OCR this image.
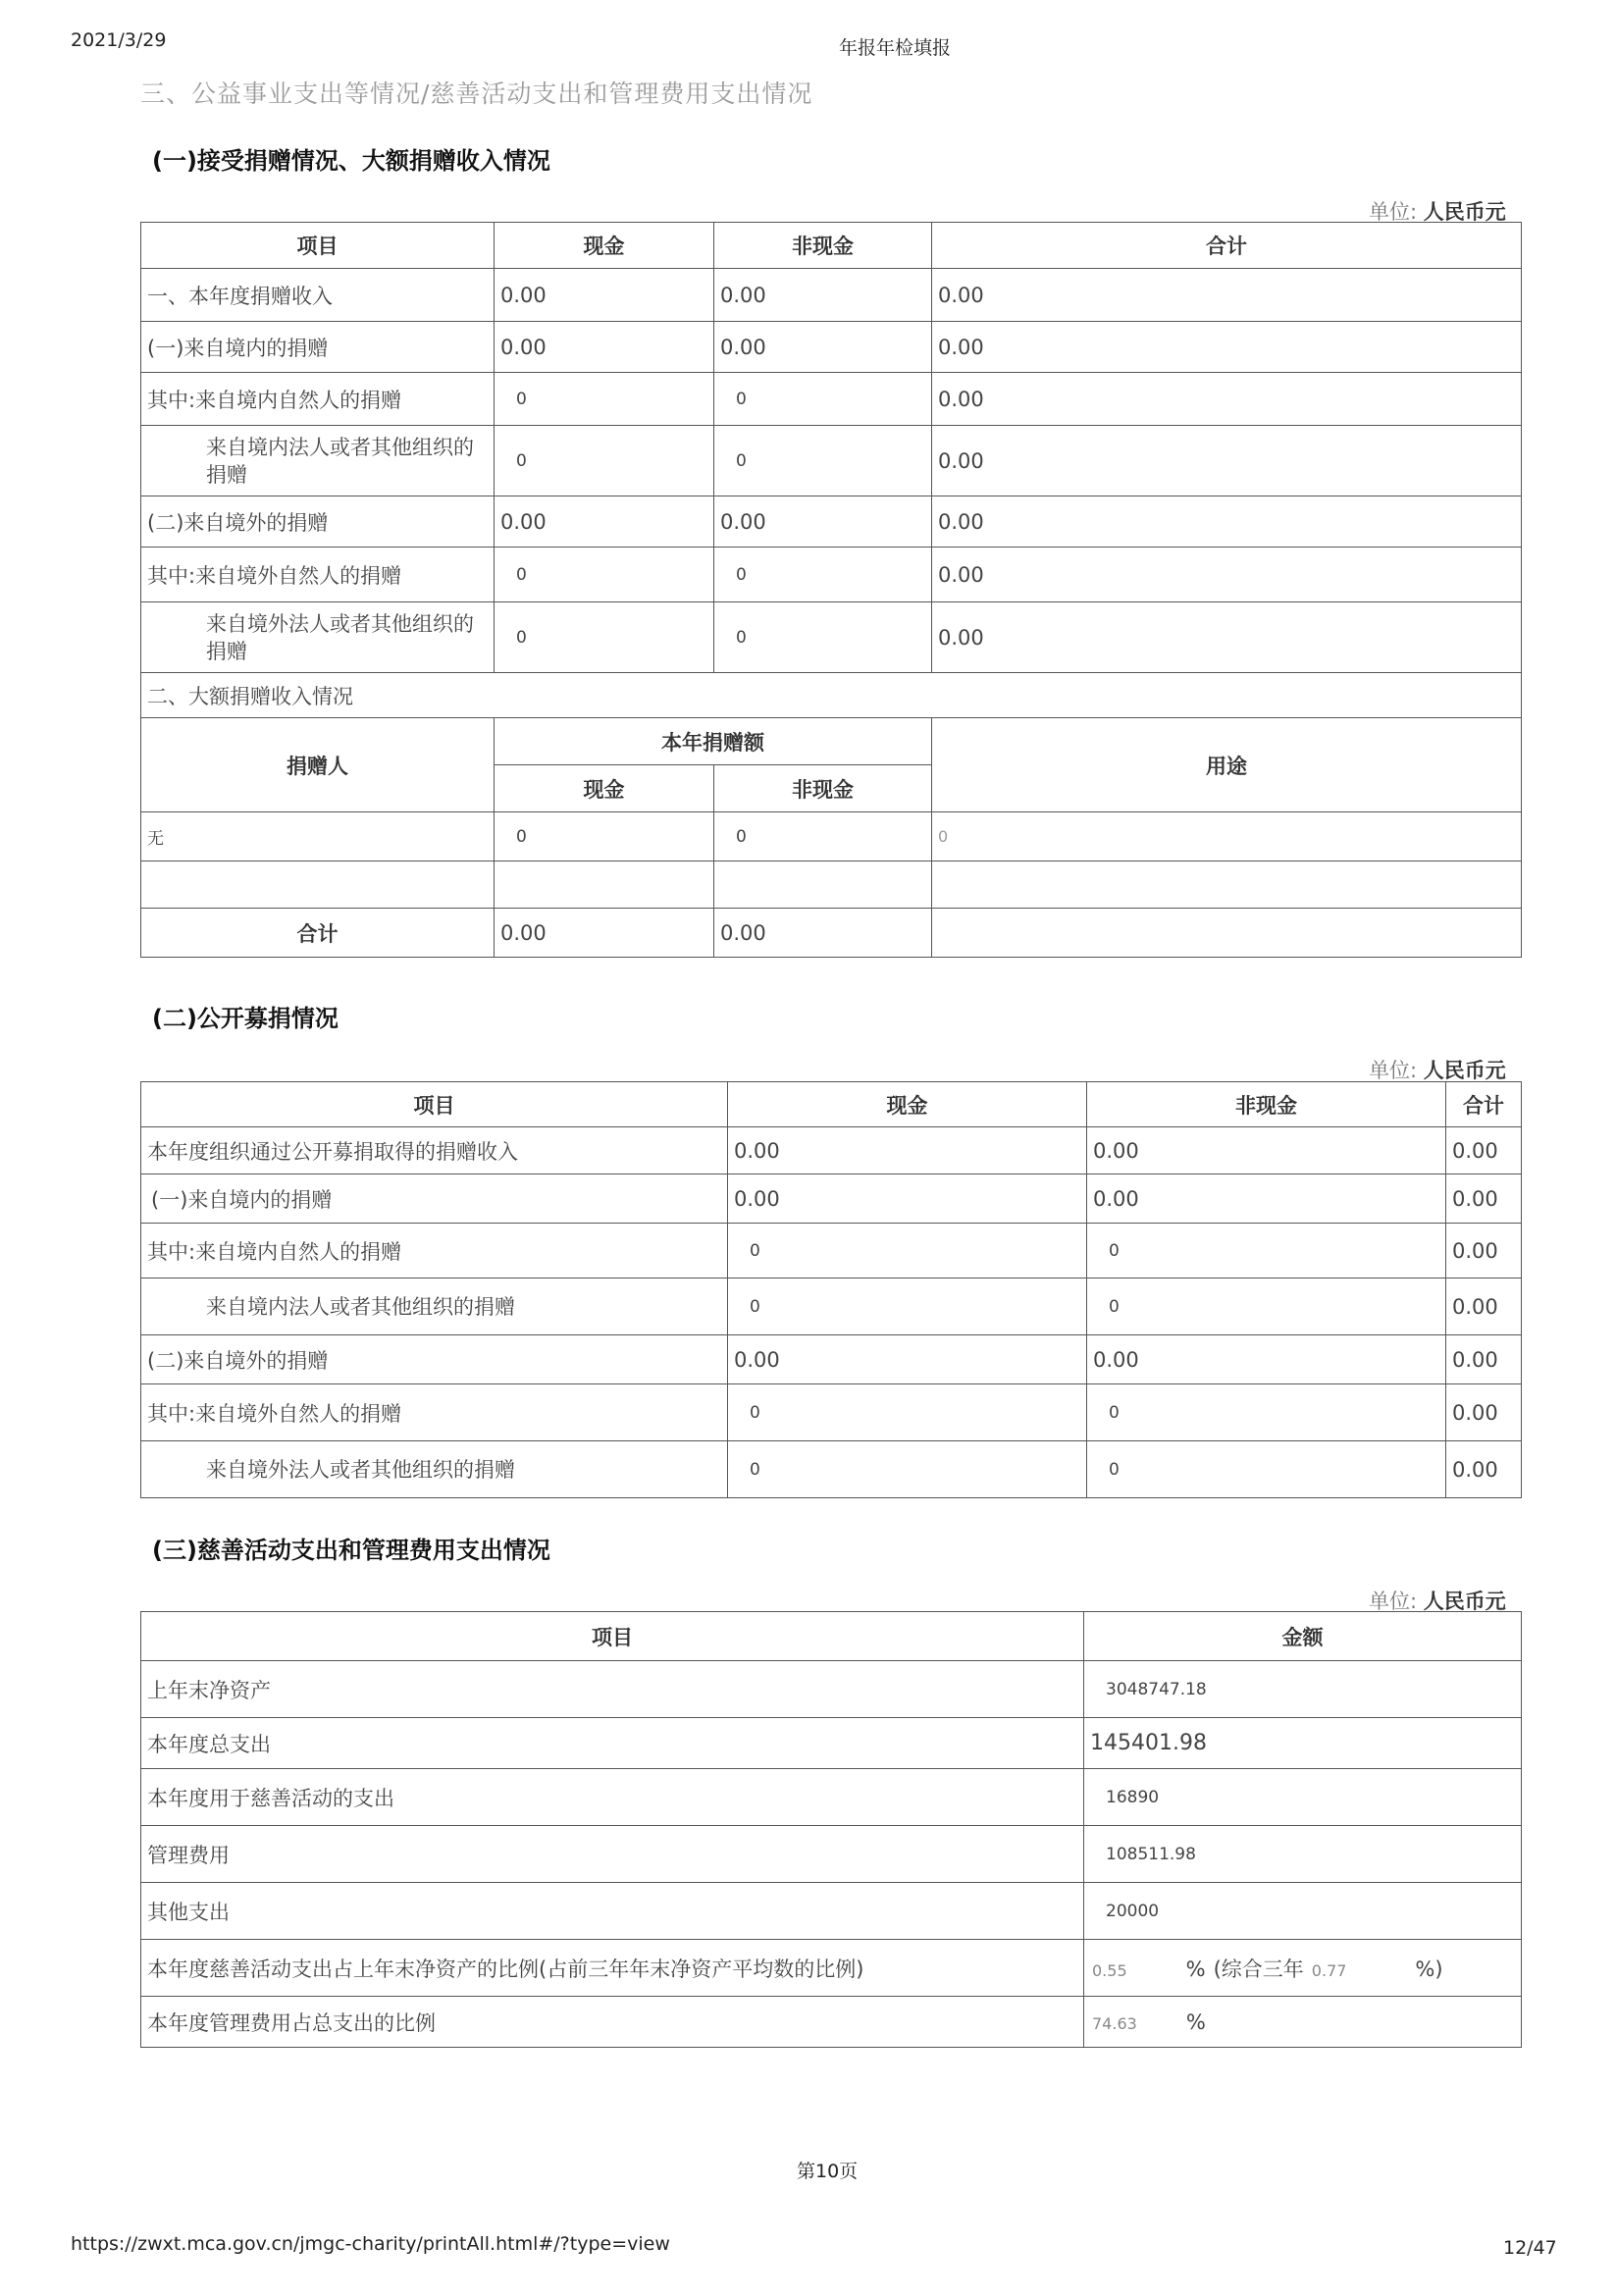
2021/3/29	年报年检填报
三、公益事业支出等情况/慈善活动支出和管理费用支出情况
(一)接受捐赠情况、大额捐赠收入情况
单位: 人民币元
项目	现金	非现金	合计
一、本年度捐赠收入	0.00	0.00	0.00
(一)来自境内的捐赠	0.00	0.00	0.00
其中:来自境内自然人的捐赠	0	0	0.00
来自境内法人或者其他组织的捐赠	0	0	0.00
(二)来自境外的捐赠	0.00	0.00	0.00
其中:来自境外自然人的捐赠	0	0	0.00
来自境外法人或者其他组织的捐赠	0	0	0.00
二、大额捐赠收入情况			
捐赠人	本年捐赠额		用途
	现金	非现金	
无	0	0	0

合计	0.00	0.00	
(二)公开募捐情况
单位: 人民币元
项目	现金	非现金	合计
本年度组织通过公开募捐取得的捐赠收入	0.00	0.00	0.00
(一)来自境内的捐赠	0.00	0.00	0.00
其中:来自境内自然人的捐赠	0	0	0.00
来自境内法人或者其他组织的捐赠	0	0	0.00
(二)来自境外的捐赠	0.00	0.00	0.00
其中:来自境外自然人的捐赠	0	0	0.00
来自境外法人或者其他组织的捐赠	0	0	0.00
(三)慈善活动支出和管理费用支出情况
单位: 人民币元
项目	金额
上年末净资产	3048747.18
本年度总支出	145401.98
本年度用于慈善活动的支出	16890
管理费用	108511.98
其他支出	20000
本年度慈善活动支出占上年末净资产的比例(占前三年年末净资产平均数的比例)	0.55 % (综合三年 0.77 %)
本年度管理费用占总支出的比例	74.63 %
第10页
https://zwxt.mca.gov.cn/jmgc-charity/printAll.html#/?type=view	12/47
